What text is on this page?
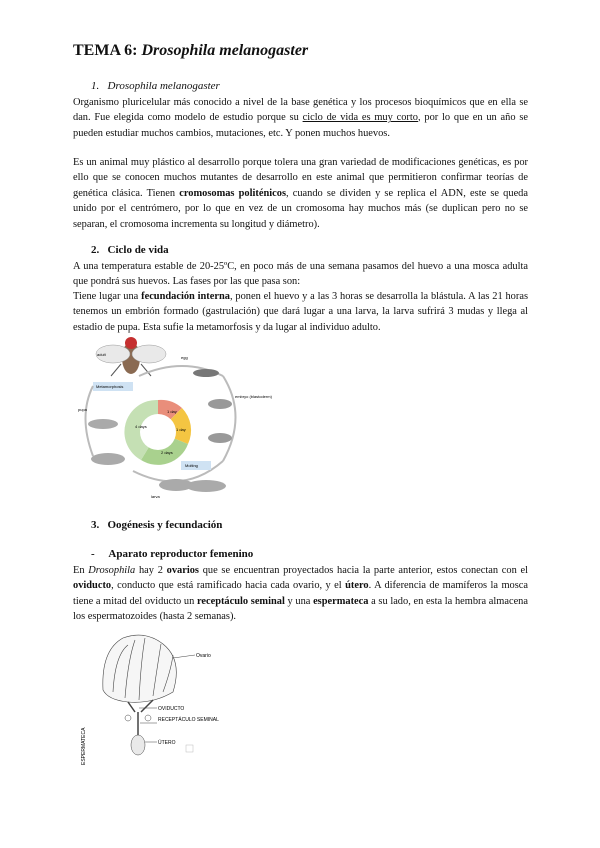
TEMA 6: Drosophila melanogaster
1. Drosophila melanogaster

Organismo pluricelular más conocido a nivel de la base genética y los procesos bioquímicos que en ella se dan. Fue elegida como modelo de estudio porque su ciclo de vida es muy corto, por lo que en un año se pueden estudiar muchos cambios, mutaciones, etc. Y ponen muchos huevos.

Es un animal muy plástico al desarrollo porque tolera una gran variedad de modificaciones genéticas, es por ello que se conocen muchos mutantes de desarrollo en este animal que permitieron confirmar teorías de genética clásica. Tienen cromosomas politénicos, cuando se dividen y se replica el ADN, este se queda unido por el centrómero, por lo que en vez de un cromosoma hay muchos más (se duplican pero no se separan, el cromosoma incrementa su longitud y diámetro).

2. Ciclo de vida

A una temperatura estable de 20-25ºC, en poco más de una semana pasamos del huevo a una mosca adulta que pondrá sus huevos. Las fases por las que pasa son:

Tiene lugar una fecundación interna, ponen el huevo y a las 3 horas se desarrolla la blástula. A las 21 horas tenemos un embrión formado (gastrulación) que dará lugar a una larva, la larva sufrirá 3 mudas y llega al estadio de pupa. Esta sufie la metamorfosis y da lugar al individuo adulto.

adult
Metamorphosis
egg
embryo (blastoderm)
larva
pupa
Molting
1 day
1 day
2 days
4 days
3. Oogénesis y fecundación
- Aparato reproductor femenino

En Drosophila hay 2 ovarios que se encuentran proyectados hacia la parte anterior, estos conectan con el oviducto, conducto que está ramificado hacia cada ovario, y el útero. A diferencia de mamíferos la mosca tiene a mitad del oviducto un receptáculo seminal y una espermateca a su lado, en esta la hembra almacena los espermatozoides (hasta 2 semanas).

Ovario
OVIDUCTO
RECEPTÁCULO SEMINAL
ÚTERO
ESPERMATECA
